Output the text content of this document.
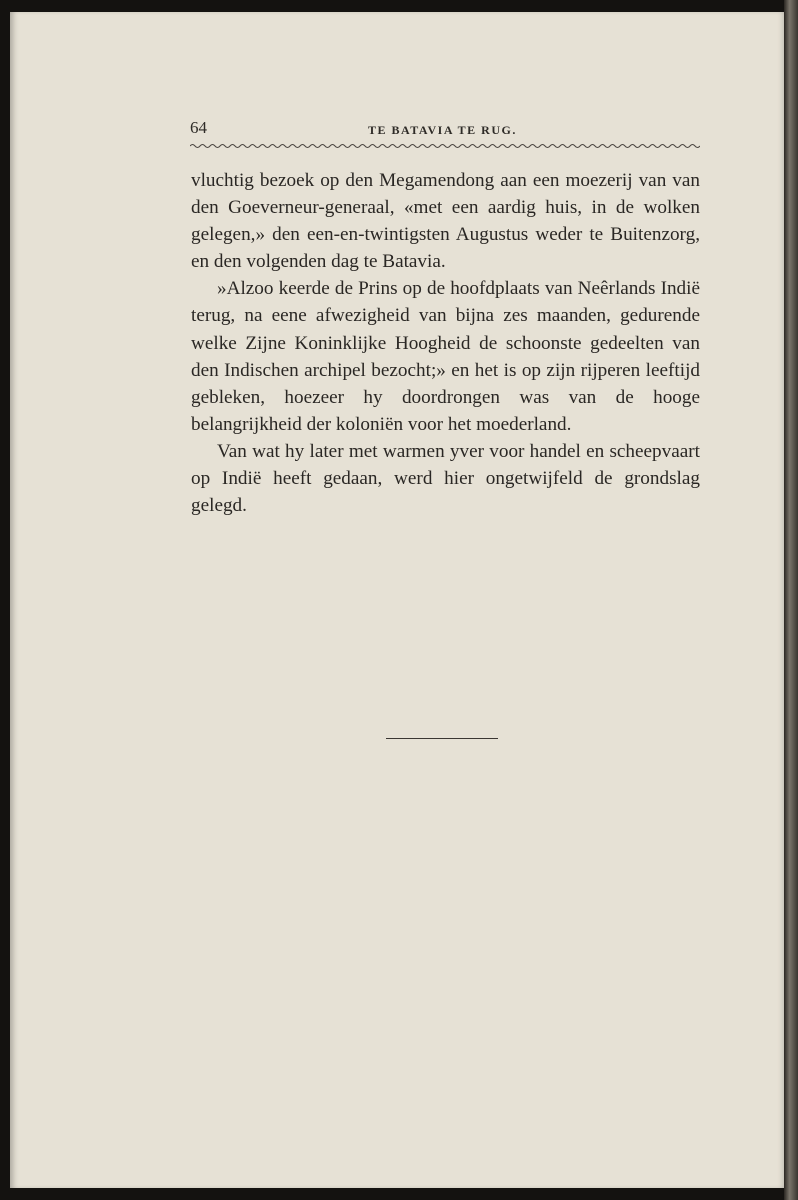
64	TE BATAVIA TE RUG.

vluchtig bezoek op den Megamendong aan een moezerij van van den Goeverneur-generaal, «met een aardig huis, in de wolken gelegen,» den een-en-twintigsten Augustus weder te Buitenzorg, en den volgenden dag te Batavia.

»Alzoo keerde de Prins op de hoofdplaats van Neêrlands Indië terug, na eene afwezigheid van bijna zes maanden, gedurende welke Zijne Koninklijke Hoogheid de schoonste gedeelten van den Indischen archipel bezocht;» en het is op zijn rijperen leeftijd gebleken, hoezeer hy doordrongen was van de hooge belangrijkheid der koloniën voor het moederland.

Van wat hy later met warmen yver voor handel en scheepvaart op Indië heeft gedaan, werd hier ongetwijfeld de grondslag gelegd.
